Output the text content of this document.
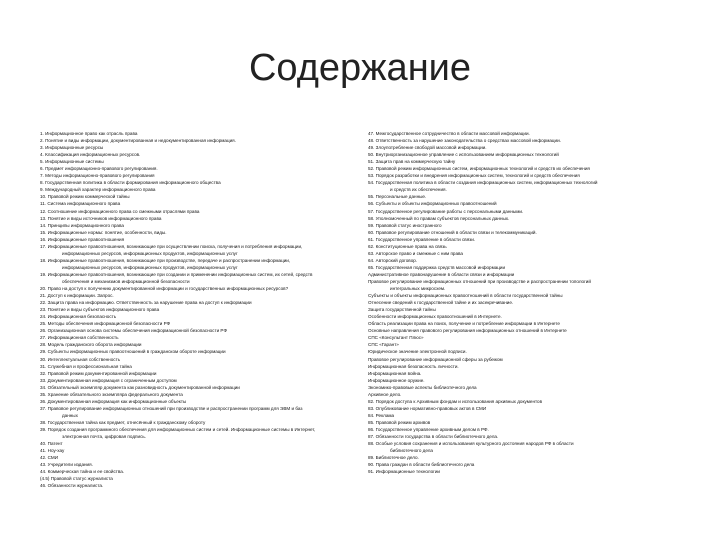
Содержание
1. Информационное право как отрасль права
2. Понятие и виды информации, документированная и недокументированная информация.
3. Информационные ресурсы
4. Классификация информационных ресурсов.
5. Информационные системы
6. Предмет информационно-правового регулирования.
7. Методы информационно-правового регулирования
8. Государственная политика в области формирования информационного общества
9. Международный характер информационного права
10. Правовой режим коммерческой тайны
11. Система информационного права
12. Соотношение информационного права со смежными отраслями права
13. Понятие и виды источников информационного права
14. Принципы информационного права
15. Информационные нормы: понятие, особенности, виды.
16. Информационные правоотношения
17. Информационные правоотношения, возникающие при осуществлении поиска, получения и потребления информации,
информационных ресурсов, информационных продуктов, информационных услуг
18. Информационные правоотношения, возникающие при производстве, передаче и распространении информации,
информационных ресурсов, информационных продуктов, информационных услуг
19. Информационные правоотношения, возникающие при создании и применении информационных систем, их сетей, средств
обеспечения и механизмов информационной безопасности
20. Право на доступ к получению документированной информации и государственных информационных ресурсов?
21. Доступ к информации. Запрос.
22. Защита права на информацию. Ответственность за нарушение права на доступ к информации
23. Понятие и виды субъектов информационного права
24. Информационная безопасность
25. Методы обеспечения информационной безопасности РФ
26. Организационная основа системы обеспечения информационной безопасности РФ
27. Информационная собственность
28. Модель гражданского оборота информации
29. Субъекты информационных правоотношений в гражданском обороте информации
30. Интеллектуальная собственность
31. Служебная и профессиональная тайна
32. Правовой режим документированной информации
33. Документированная информация с ограниченным доступом
34. Обязательный экземпляр документа как разновидность документированной информации
35. Хранение обязательного экземпляра федерального документа
36. Документированная информация как информационные объекты
37. Правовое регулирование информационных отношений при производстве и распространении программ для ЭВМ и баз
данных
38. Государственная тайна как предмет, отнесённый к гражданскому обороту
39. Порядок создания программного обеспечения для информационных систем и сетей. Информационные системы в Интернет,
электронная почта, цифровая подпись.
40. Патент
41. Ноу-хау
42. СМИ
43. Учредители издания.
44. Коммерческая тайна и ее свойства.
(4.5) Правовой статус журналиста
46. Обязанности журналиста.
47. Межгосударственное сотрудничество в области массовой информации.
48. Ответственность за нарушение законодательства о средствах массовой информации.
49. Злоупотребление свободой массовой информации.
50. Внутриорганизационное управление с использованием информационных технологий
51. Защита прав на коммерческую тайну
52. Правовой режим информационных систем, информационных технологий и средств их обеспечения
53. Порядок разработки и внедрения информационных систем, технологий и средств обеспечения
54. Государственная политика в области создания информационных систем, информационных технологий
и средств их обеспечения.
55. Персональные данные.
56. Субъекты и объекты информационных правоотношений
57. Государственное регулирование работы с персональными данными.
58. Уполномоченный по правам субъектов персональных данных.
59. Правовой статус иностранного
60. Правовое регулирование отношений в области связи и телекоммуникаций.
61. Государственное управление в области связи.
62. Конституционные права на связь
63. Авторское право и смежные с ним права
64. Авторский договор.
65. Государственная поддержка средств массовой информации
Административное правонарушение в области связи и информации
Правовое регулирование информационных отношений при производстве и распространении топологий
интегральных микросхем.
Субъекты и объекты информационных правоотношений в области государственной тайны
Отнесение сведений к государственной тайне и их засекречивание.
Защита государственной тайны
Особенности информационных правоотношений в Интернете.
Область реализации права на поиск, получение и потребление информации в Интернете
Основные направления правового регулирования информационных отношений в Интернете
СПС «Консультант Плюс»
СПС «Гарант»
Юридическое значение электронной подписи.
Правовое регулирование информационной сферы за рубежом
Информационная безопасность личности.
Информационная война.
Информационное оружие.
Экономико-правовые аспекты библиотечного дела
Архивное дело.
82. Порядок доступа к Архивным фондам и использования архивных документов
83. Опубликование нормативно-правовых актов в СМИ
84. Реклама
85. Правовой режим архивов
86. Государственное управление архивным делом в РФ.
87. Обязанности государства в области библиотечного дела.
88. Особые условия сохранения и использования культурного достояния народов РФ в области
библиотечного дела
89. Библиотечное дело.
90. Права граждан в области библиотечного дела
91. Информационные технологии
